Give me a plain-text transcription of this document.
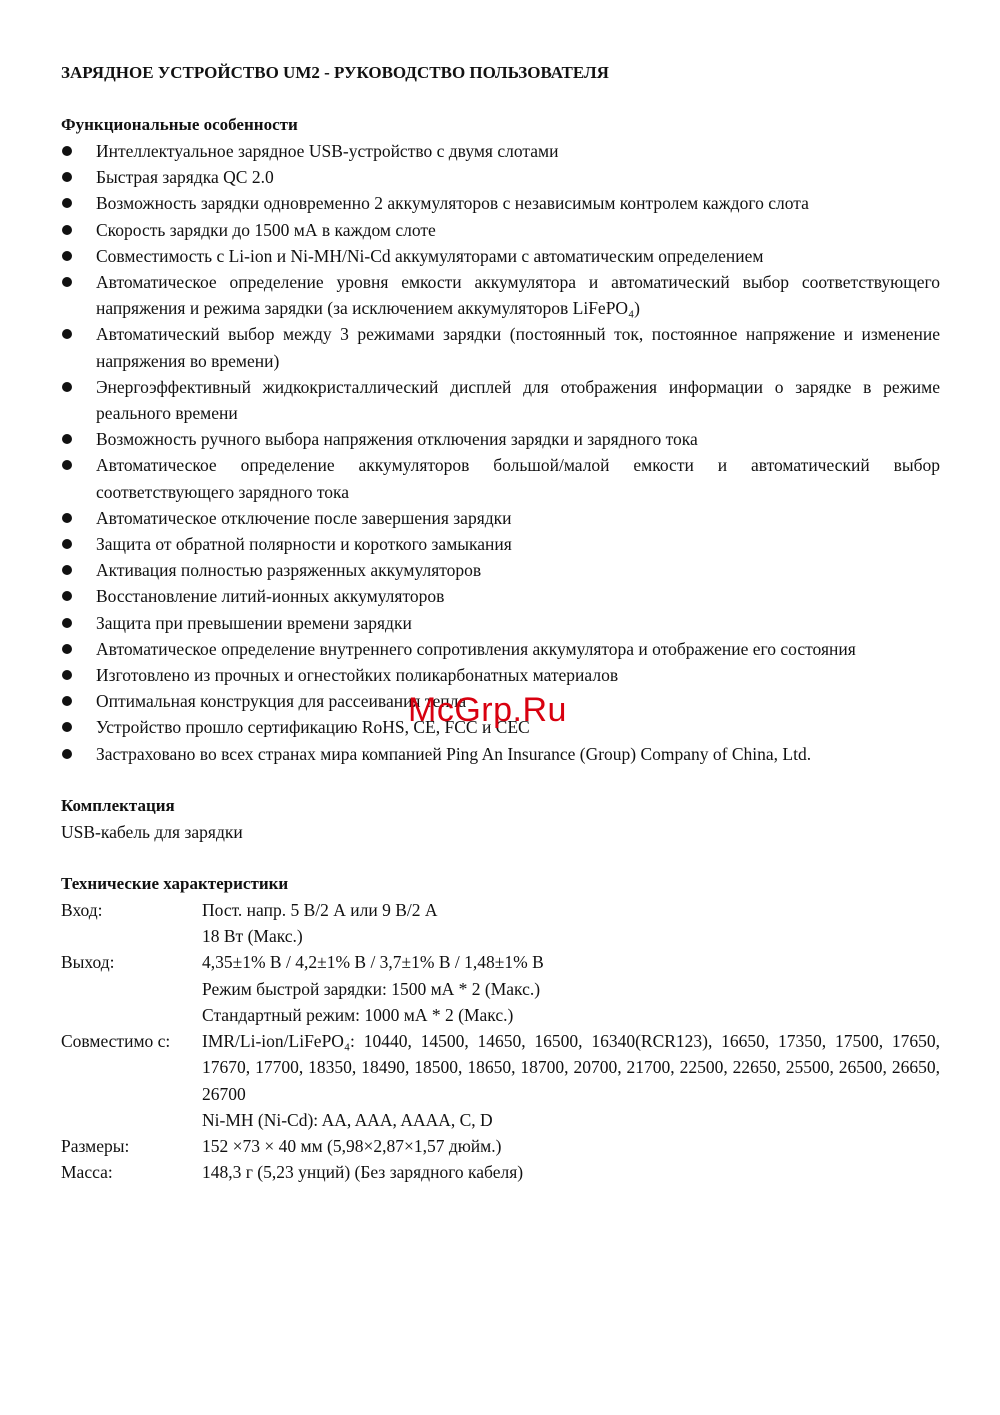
ЗАРЯДНОЕ УСТРОЙСТВО UM2 - РУКОВОДСТВО ПОЛЬЗОВАТЕЛЯ
Функциональные особенности
Интеллектуальное зарядное USB-устройство с двумя слотами
Быстрая зарядка QC 2.0
Возможность зарядки одновременно 2 аккумуляторов с независимым контролем каждого слота
Скорость зарядки до 1500 мА в каждом слоте
Совместимость с Li-ion и Ni-MH/Ni-Cd аккумуляторами с автоматическим определением
Автоматическое определение уровня емкости аккумулятора и автоматический выбор соответствующего напряжения и режима зарядки (за исключением аккумуляторов LiFePO₄)
Автоматический выбор между 3 режимами зарядки (постоянный ток, постоянное напряжение и изменение напряжения во времени)
Энергоэффективный жидкокристаллический дисплей для отображения информации о зарядке в режиме реального времени
Возможность ручного выбора напряжения отключения зарядки и зарядного тока
Автоматическое определение аккумуляторов большой/малой емкости и автоматический выбор соответствующего зарядного тока
Автоматическое отключение после завершения зарядки
Защита от обратной полярности и короткого замыкания
Активация полностью разряженных аккумуляторов
Восстановление литий-ионных аккумуляторов
Защита при превышении времени зарядки
Автоматическое определение внутреннего сопротивления аккумулятора и отображение его состояния
Изготовлено из прочных и огнестойких поликарбонатных материалов
Оптимальная конструкция для рассеивания тепла
Устройство прошло сертификацию RoHS, CE, FCC и CEC
Застраховано во всех странах мира компанией Ping An Insurance (Group) Company of China, Ltd.
Комплектация

USB-кабель для зарядки

Технические характеристики
Вход:	Пост. напр. 5 В/2 А или 9 В/2 А
18 Вт (Макс.)

Выход:	4,35±1% В / 4,2±1% В / 3,7±1% В / 1,48±1% В
Режим быстрой зарядки: 1500 мА * 2 (Макс.)
Стандартный режим: 1000 мА * 2 (Макс.)

Совместимо с:	IMR/Li-ion/LiFePO₄: 10440, 14500, 14650, 16500, 16340(RCR123), 16650, 17350, 17500, 17650, 17670, 17700, 18350, 18490, 18500, 18650, 18700, 20700, 21700, 22500, 22650, 25500, 26500, 26650, 26700
Ni-MH (Ni-Cd): AA, AAA, AAAA, C, D

Размеры:	152 ×73 × 40 мм (5,98×2,87×1,57 дюйм.)
Масса:	148,3 г (5,23 унций) (Без зарядного кабеля)
McGrp.Ru
